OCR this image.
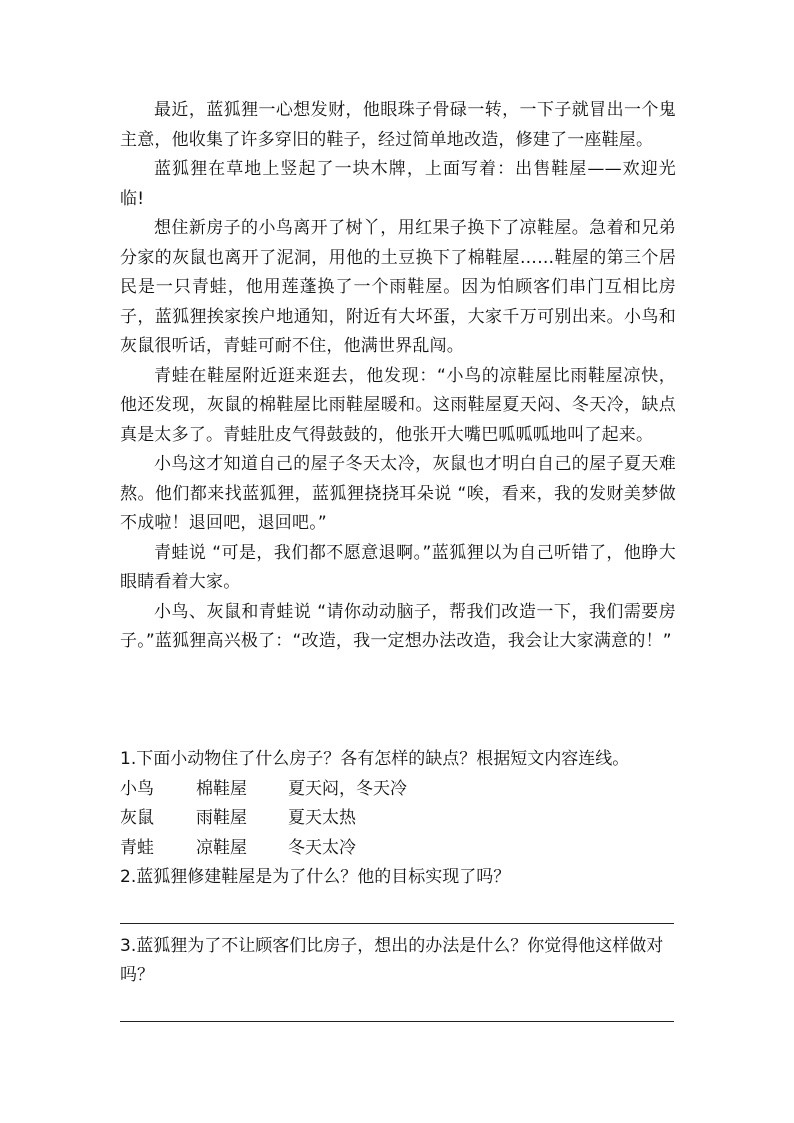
最近，蓝狐狸一心想发财，他眼珠子骨碌一转，一下子就冒出一个鬼主意，他收集了许多穿旧的鞋子，经过简单地改造，修建了一座鞋屋。

蓝狐狸在草地上竖起了一块木牌，上面写着：出售鞋屋——欢迎光临!

想住新房子的小鸟离开了树丫，用红果子换下了凉鞋屋。急着和兄弟分家的灰鼠也离开了泥洞，用他的土豆换下了棉鞋屋……鞋屋的第三个居民是一只青蛙，他用莲蓬换了一个雨鞋屋。因为怕顾客们串门互相比房子，蓝狐狸挨家挨户地通知，附近有大坏蛋，大家千万可别出来。小鸟和灰鼠很听话，青蛙可耐不住，他满世界乱闯。

青蛙在鞋屋附近逛来逛去，他发现：“小鸟的凉鞋屋比雨鞋屋凉快，他还发现，灰鼠的棉鞋屋比雨鞋屋暖和。这雨鞋屋夏天闷、冬天冷，缺点真是太多了。青蛙肚皮气得鼓鼓的，他张开大嘴巴呱呱呱地叫了起来。

小鸟这才知道自己的屋子冬天太冷，灰鼠也才明白自己的屋子夏天难熬。他们都来找蓝狐狸，蓝狐狸挠挠耳朵说 “唉，看来，我的发财美梦做不成啦！退回吧，退回吧。”

青蛙说 “可是，我们都不愿意退啊。”蓝狐狸以为自己听错了，他睁大眼睛看着大家。

小鸟、灰鼠和青蛙说 “请你动动脑子，帮我们改造一下，我们需要房子。”蓝狐狸高兴极了：“改造，我一定想办法改造，我会让大家满意的！”

1.下面小动物住了什么房子？各有怎样的缺点？根据短文内容连线。

小鸟	棉鞋屋	夏天闷，冬天冷
灰鼠	雨鞋屋	夏天太热
青蛙	凉鞋屋	冬天太冷

2.蓝狐狸修建鞋屋是为了什么？他的目标实现了吗？

3.蓝狐狸为了不让顾客们比房子，想出的办法是什么？你觉得他这样做对吗？
